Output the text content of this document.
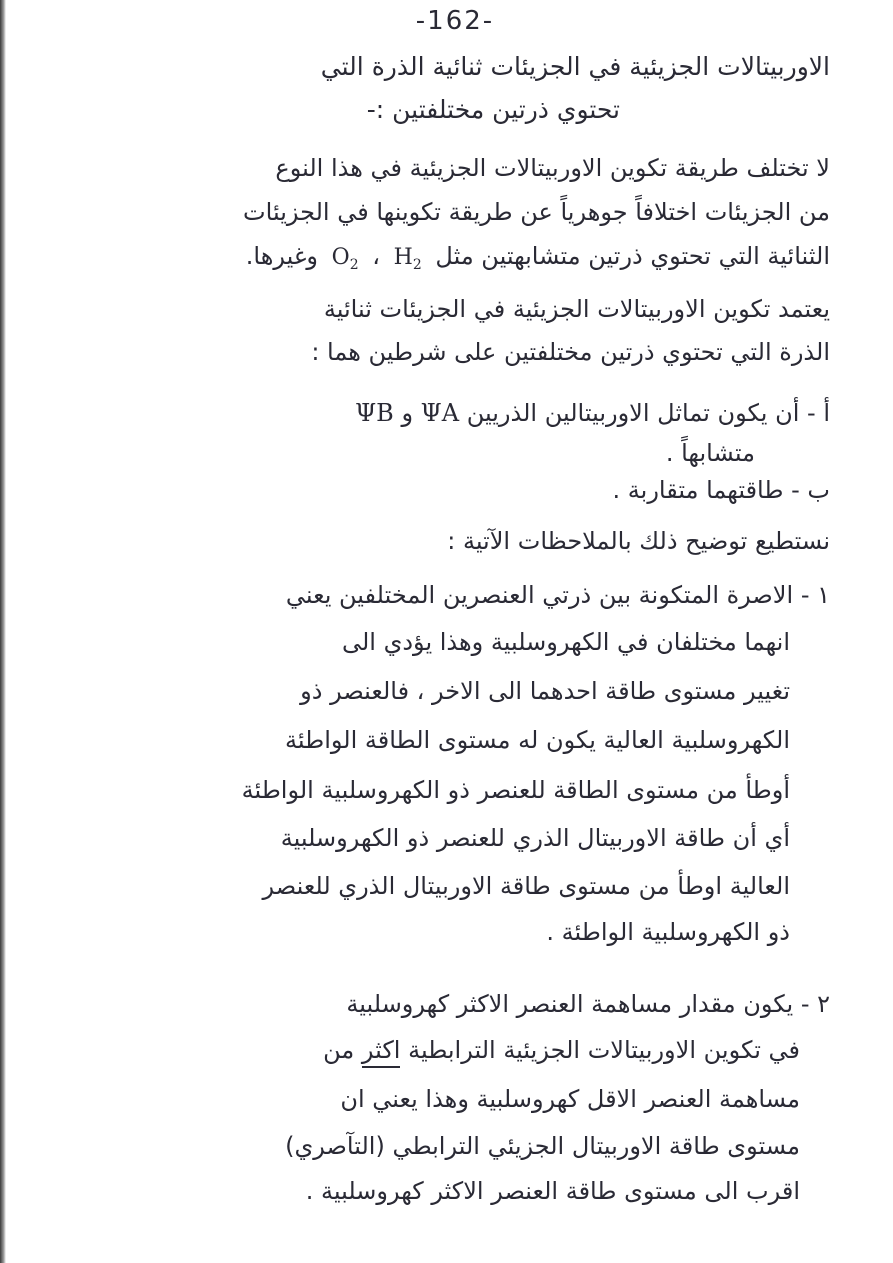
-162-
الاوربيتالات الجزيئية في الجزيئات ثنائية الذرة التي
تحتوي ذرتين مختلفتين :-
لا تختلف طريقة تكوين الاوربيتالات الجزيئية في هذا النوع
من الجزيئات اختلافاً جوهرياً عن طريقة تكوينها في الجزيئات
الثنائية التي تحتوي ذرتين متشابهتين مثل $H_2$ ، $O_2$ وغيرها.
يعتمد تكوين الاوربيتالات الجزيئية في الجزيئات ثنائية
الذرة التي تحتوي ذرتين مختلفتين على شرطين هما :
أ - أن يكون تماثل الاوربيتالين الذريين ΨA و ΨB
متشابهاً .
ب - طاقتهما متقاربة .
نستطيع توضيح ذلك بالملاحظات الآتية :
١ - الاصرة المتكونة بين ذرتي العنصرين المختلفين يعني
انهما مختلفان في الكهروسلبية وهذا يؤدي الى
تغيير مستوى طاقة احدهما الى الاخر ، فالعنصر ذو
الكهروسلبية العالية يكون له مستوى الطاقة الواطئة
أوطأ من مستوى الطاقة للعنصر ذو الكهروسلبية الواطئة
أي أن طاقة الاوربيتال الذري للعنصر ذو الكهروسلبية
العالية اوطأ من مستوى طاقة الاوربيتال الذري للعنصر
ذو الكهروسلبية الواطئة .
٢ - يكون مقدار مساهمة العنصر الاكثر كهروسلبية
في تكوين الاوربيتالات الجزيئية الترابطية اكثر من
مساهمة العنصر الاقل كهروسلبية وهذا يعني ان
مستوى طاقة الاوربيتال الجزيئي الترابطي (التآصري)
اقرب الى مستوى طاقة العنصر الاكثر كهروسلبية .
